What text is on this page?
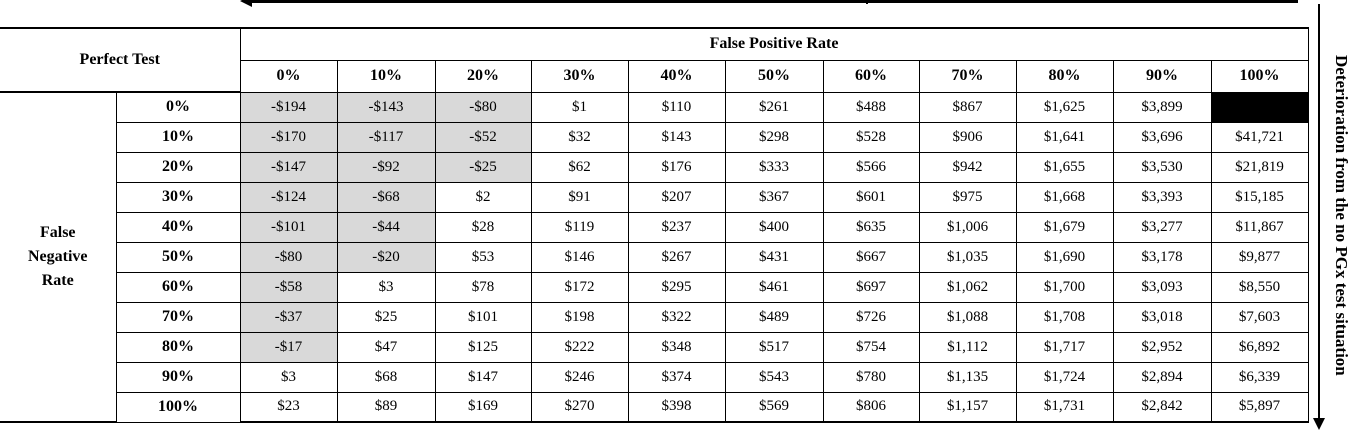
Deterioration from the no PGx test situation
Perfect Test		False Positive Rate										
		0%	10%	20%	30%	40%	50%	60%	70%	80%	90%	100%

False
Negative
Rate	0%	-$194	-$143	-$80	$1	$110	$261	$488	$867	$1,625	$3,899	
	10%	-$170	-$117	-$52	$32	$143	$298	$528	$906	$1,641	$3,696	$41,721
	20%	-$147	-$92	-$25	$62	$176	$333	$566	$942	$1,655	$3,530	$21,819
	30%	-$124	-$68	$2	$91	$207	$367	$601	$975	$1,668	$3,393	$15,185
	40%	-$101	-$44	$28	$119	$237	$400	$635	$1,006	$1,679	$3,277	$11,867
	50%	-$80	-$20	$53	$146	$267	$431	$667	$1,035	$1,690	$3,178	$9,877
	60%	-$58	$3	$78	$172	$295	$461	$697	$1,062	$1,700	$3,093	$8,550
	70%	-$37	$25	$101	$198	$322	$489	$726	$1,088	$1,708	$3,018	$7,603
	80%	-$17	$47	$125	$222	$348	$517	$754	$1,112	$1,717	$2,952	$6,892
	90%	$3	$68	$147	$246	$374	$543	$780	$1,135	$1,724	$2,894	$6,339
	100%	$23	$89	$169	$270	$398	$569	$806	$1,157	$1,731	$2,842	$5,897
